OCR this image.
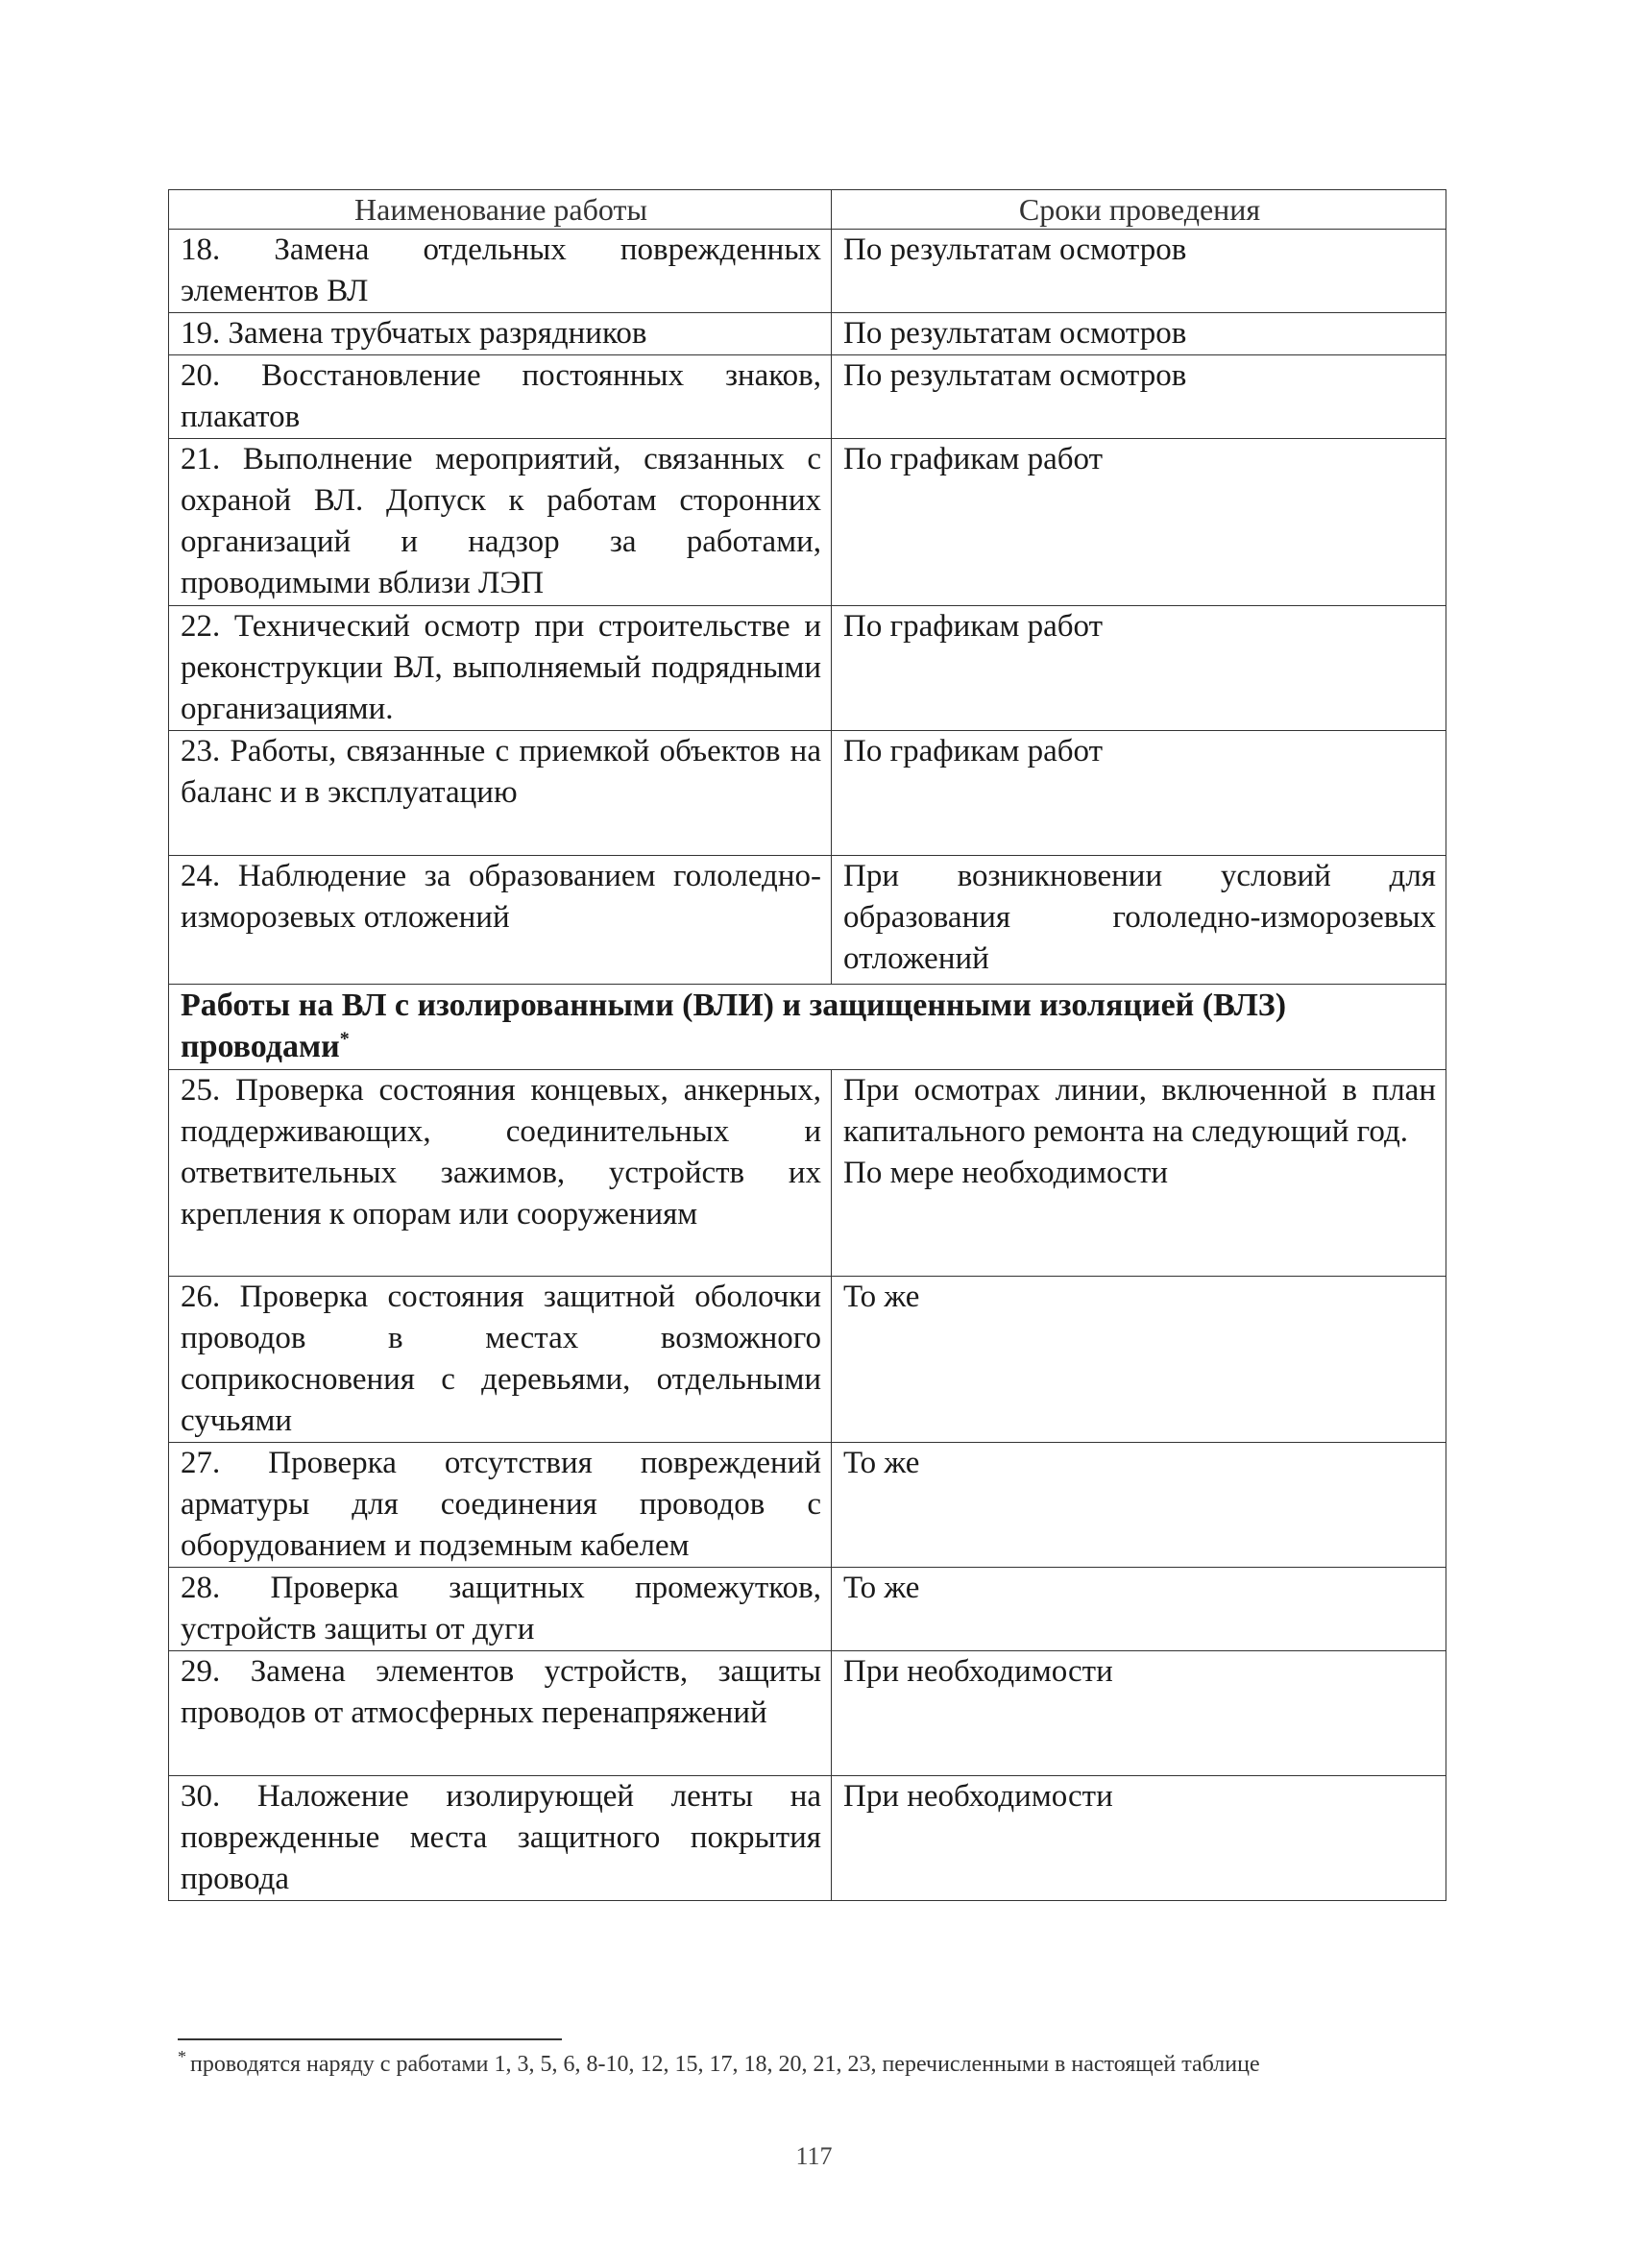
Наименование работы	Сроки проведения
18. Замена отдельных поврежденных элементов ВЛ	По результатам осмотров
19. Замена трубчатых разрядников	По результатам осмотров
20. Восстановление постоянных знаков, плакатов	По результатам осмотров
21. Выполнение мероприятий, связанных с охраной ВЛ. Допуск к работам сторонних организаций и надзор за работами, проводимыми вблизи ЛЭП	По графикам работ
22. Технический осмотр при строительстве и реконструкции ВЛ, выполняемый подрядными организациями.	По графикам работ
23. Работы, связанные с приемкой объектов на баланс и в эксплуатацию	По графикам работ
24. Наблюдение за образованием гололедно-изморозевых отложений	При возникновении условий для образования гололедно-изморозевых отложений
Работы на ВЛ с изолированными (ВЛИ) и защищенными изоляцией (ВЛЗ) проводами*
25. Проверка состояния концевых, анкерных, поддерживающих, соединительных и ответвительных зажимов, устройств их крепления к опорам или сооружениям	При осмотрах линии, включенной в план капитального ремонта на следующий год.
По мере необходимости
26. Проверка состояния защитной оболочки проводов в местах возможного соприкосновения с деревьями, отдельными сучьями	То же
27. Проверка отсутствия повреждений арматуры для соединения проводов с оборудованием и подземным кабелем	То же
28. Проверка защитных промежутков, устройств защиты от дуги	То же
29. Замена элементов устройств, защиты проводов от атмосферных перенапряжений	При необходимости
30. Наложение изолирующей ленты на поврежденные места защитного покрытия провода	При необходимости
* проводятся наряду с работами 1, 3, 5, 6, 8-10, 12, 15, 17, 18, 20, 21, 23, перечисленными в настоящей таблице
117
